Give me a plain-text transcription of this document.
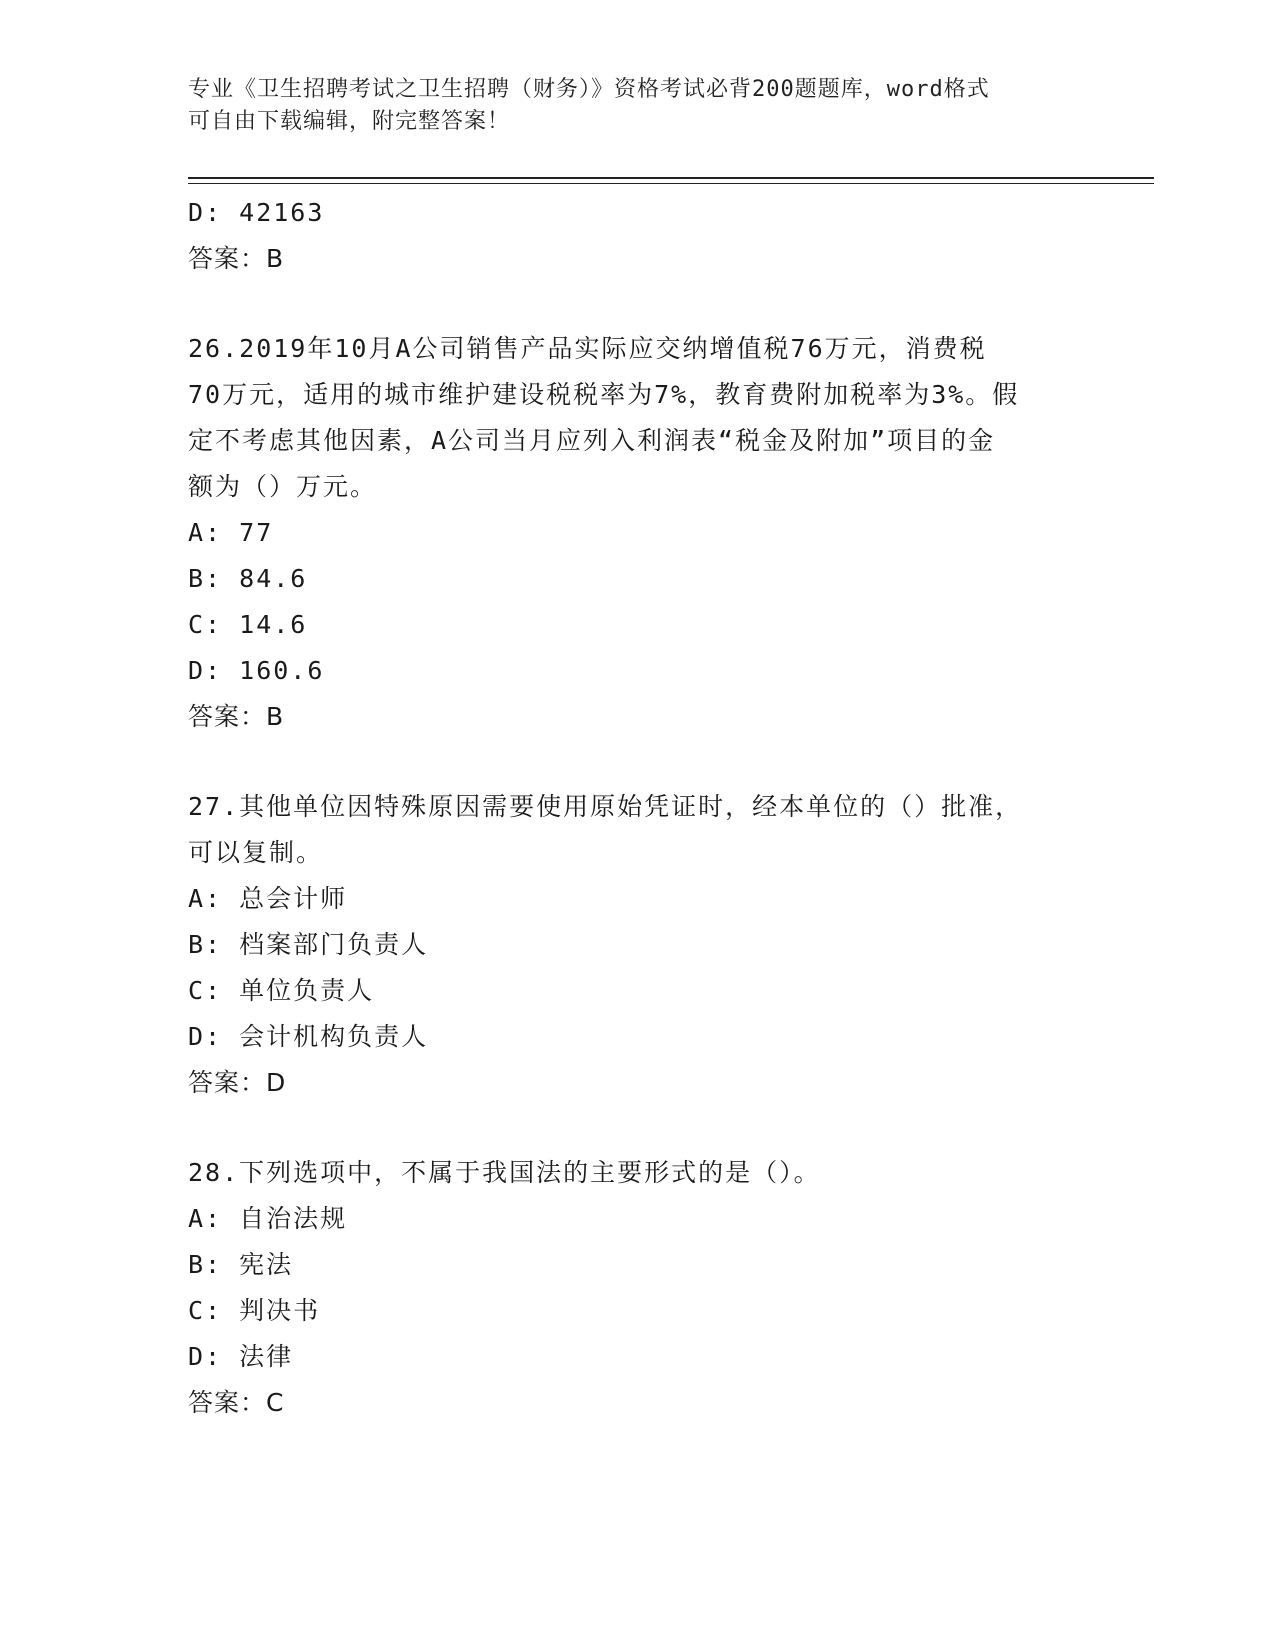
专业《卫生招聘考试之卫生招聘（财务）》资格考试必背200题题库，word格式
可自由下载编辑，附完整答案！
D: 42163
答案：B
26.2019年10月A公司销售产品实际应交纳增值税76万元，消费税
70万元，适用的城市维护建设税税率为7%，教育费附加税率为3%。假
定不考虑其他因素，A公司当月应列入利润表“税金及附加”项目的金
额为（）万元。
A: 77
B: 84.6
C: 14.6
D: 160.6
答案：B
27.其他单位因特殊原因需要使用原始凭证时，经本单位的（）批准，
可以复制。
A: 总会计师
B: 档案部门负责人
C: 单位负责人
D: 会计机构负责人
答案：D
28.下列选项中，不属于我国法的主要形式的是（）。
A: 自治法规
B: 宪法
C: 判决书
D: 法律
答案：C
